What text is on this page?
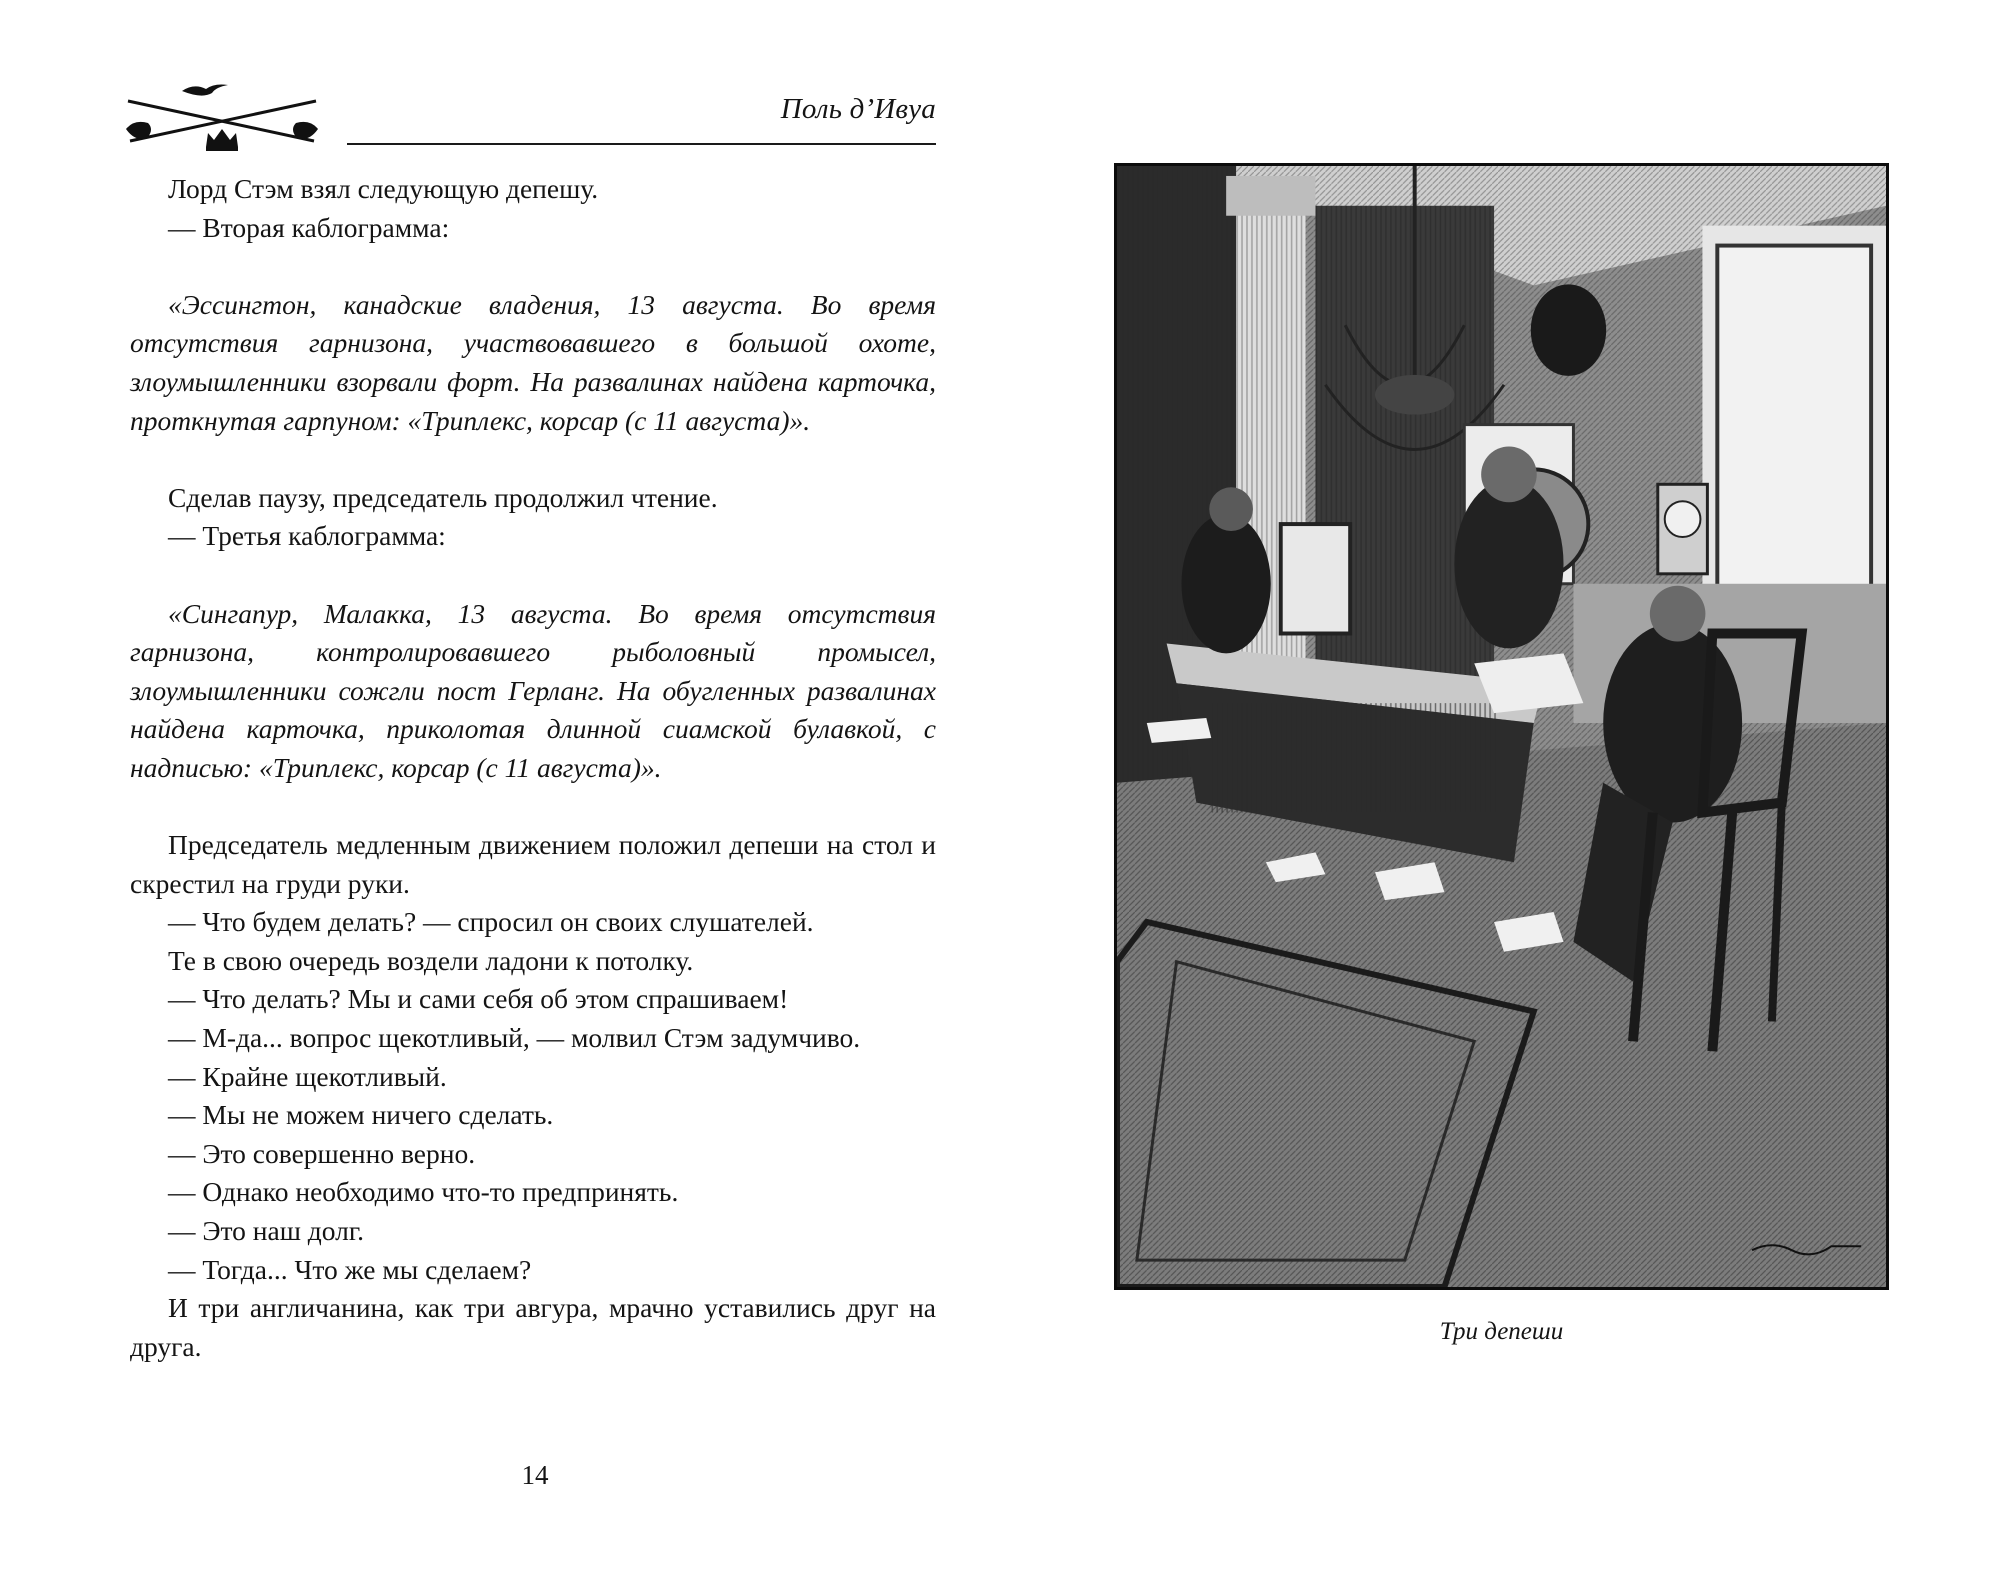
Поль д’Ивуа

Лорд Стэм взял следующую депешу.

— Вторая каблограмма:

«Эссингтон, канадские владения, 13 августа. Во время отсутствия гарнизона, участвовавшего в большой охоте, злоумышленники взорвали форт. На развалинах найдена карточка, проткнутая гарпуном: «Триплекс, корсар (с 11 августа)».

Сделав паузу, председатель продолжил чтение.

— Третья каблограмма:

«Сингапур, Малакка, 13 августа. Во время отсутствия гарнизона, контролировавшего рыболовный промысел, злоумышленники сожгли пост Герланг. На обугленных развалинах найдена карточка, приколотая длинной сиамской булавкой, с надписью: «Триплекс, корсар (с 11 августа)».

Председатель медленным движением положил депеши на стол и скрестил на груди руки.

— Что будем делать? — спросил он своих слушателей.

Те в свою очередь воздели ладони к потолку.

— Что делать? Мы и сами себя об этом спрашиваем!

— М-да... вопрос щекотливый, — молвил Стэм задумчиво.

— Крайне щекотливый.

— Мы не можем ничего сделать.

— Это совершенно верно.

— Однако необходимо что-то предпринять.

— Это наш долг.

— Тогда... Что же мы сделаем?

И три англичанина, как три авгура, мрачно уставились друг на друга.

14
Три депеши
